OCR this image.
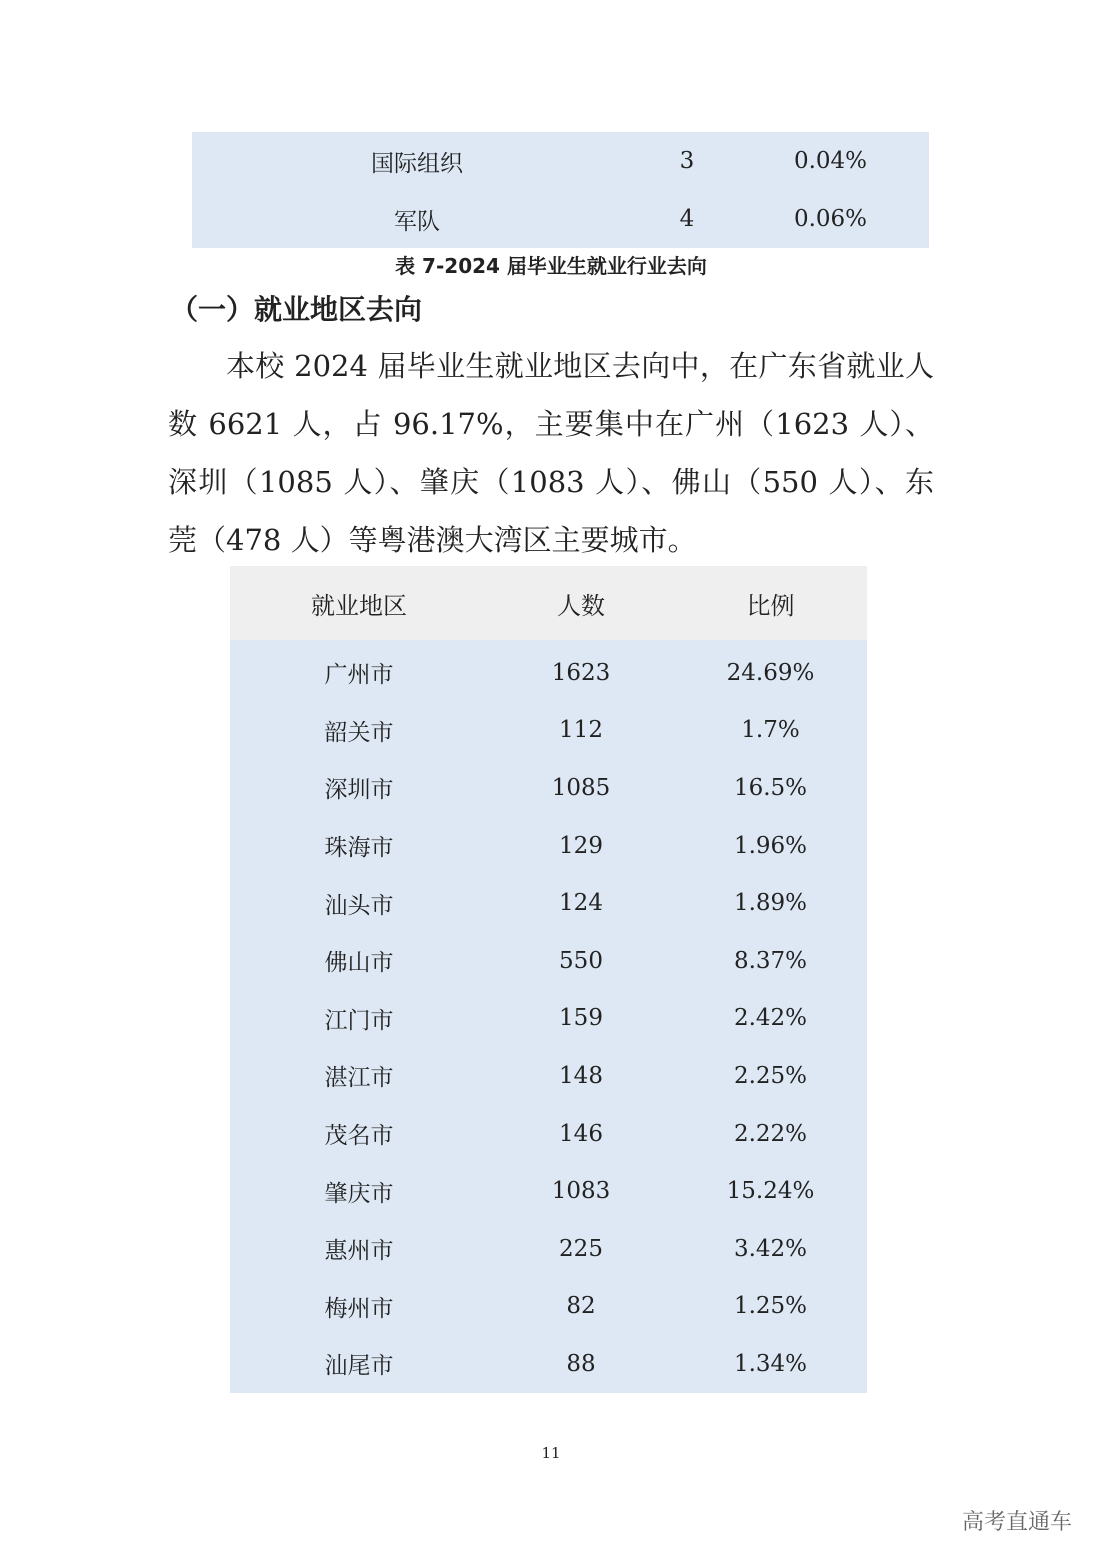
国际组织	3	0.04%
军队	4	0.06%
表 7-2024 届毕业生就业行业去向
（一）就业地区去向

本校 2024 届毕业生就业地区去向中，在广东省就业人数 6621 人，占 96.17%，主要集中在广州（1623 人）、深圳（1085 人）、肇庆（1083 人）、佛山（550 人）、东莞（478 人）等粤港澳大湾区主要城市。

就业地区	人数	比例
广州市	1623	24.69%
韶关市	112	1.7%
深圳市	1085	16.5%
珠海市	129	1.96%
汕头市	124	1.89%
佛山市	550	8.37%
江门市	159	2.42%
湛江市	148	2.25%
茂名市	146	2.22%
肇庆市	1083	15.24%
惠州市	225	3.42%
梅州市	82	1.25%
汕尾市	88	1.34%
11
高考直通车
